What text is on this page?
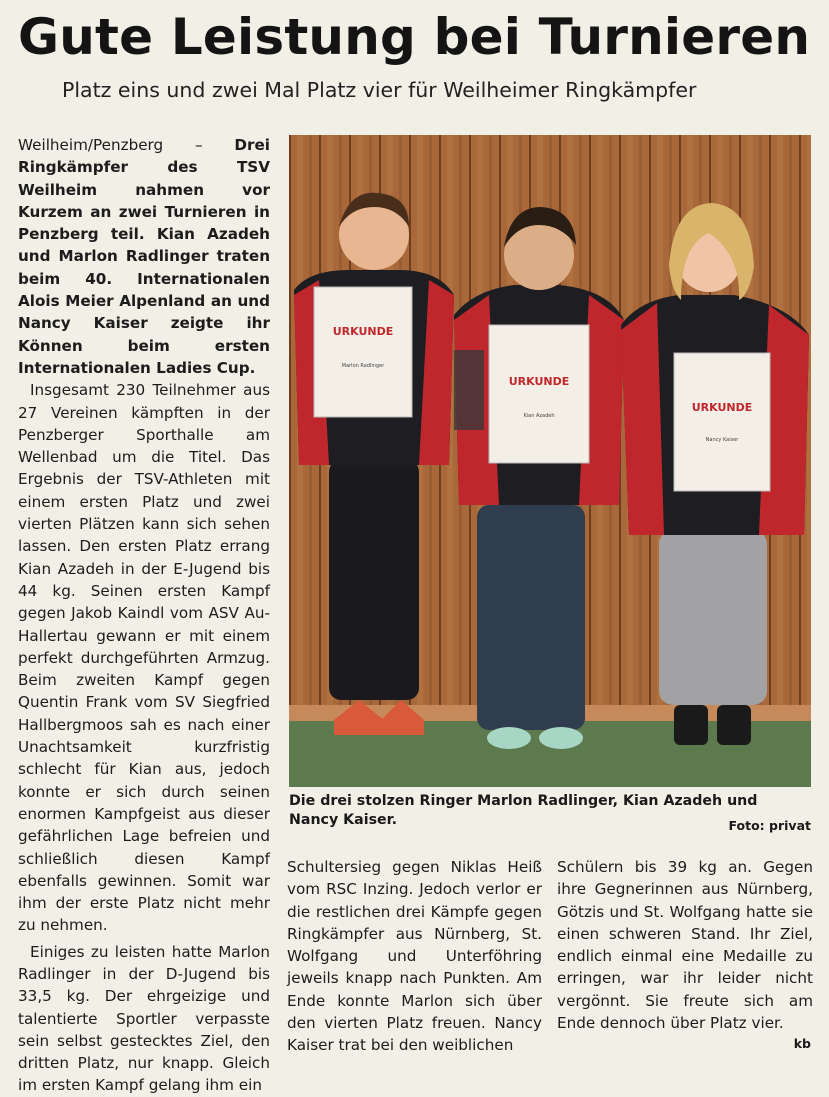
Gute Leistung bei Turnieren
Platz eins und zwei Mal Platz vier für Weilheimer Ringkämpfer

Weilheim/Penzberg – Drei Ringkämpfer des TSV Weilheim nahmen vor Kurzem an zwei Turnieren in Penzberg teil. Kian Azadeh und Marlon Radlinger traten beim 40. Internationalen Alois Meier Alpenland an und Nancy Kaiser zeigte ihr Können beim ersten Internationalen Ladies Cup.

Insgesamt 230 Teilnehmer aus 27 Vereinen kämpften in der Penzberger Sporthalle am Wellenbad um die Titel. Das Ergebnis der TSV-Athleten mit einem ersten Platz und zwei vierten Plätzen kann sich sehen lassen. Den ersten Platz errang Kian Azadeh in der E-Jugend bis 44 kg. Seinen ersten Kampf gegen Jakob Kaindl vom ASV Au-Hallertau gewann er mit einem perfekt durchgeführten Armzug. Beim zweiten Kampf gegen Quentin Frank vom SV Siegfried Hallbergmoos sah es nach einer Unachtsamkeit kurzfristig schlecht für Kian aus, jedoch konnte er sich durch seinen enormen Kampfgeist aus dieser gefährlichen Lage befreien und schließlich diesen Kampf ebenfalls gewinnen. Somit war ihm der erste Platz nicht mehr zu nehmen.

Einiges zu leisten hatte Marlon Radlinger in der D-Jugend bis 33,5 kg. Der ehrgeizige und talentierte Sportler verpasste sein selbst gestecktes Ziel, den dritten Platz, nur knapp. Gleich im ersten Kampf gelang ihm ein

URKUNDE
Marlon Radlinger
URKUNDE
Kian Azadeh
URKUNDE
Nancy Kaiser
Die drei stolzen Ringer Marlon Radlinger, Kian Azadeh und Nancy Kaiser.	Foto: privat

Schultersieg gegen Niklas Heiß vom RSC Inzing. Jedoch verlor er die restlichen drei Kämpfe gegen Ringkämpfer aus Nürnberg, St. Wolfgang und Unterföhring jeweils knapp nach Punkten. Am Ende konnte Marlon sich über den vierten Platz freuen. Nancy Kaiser trat bei den weiblichen

Schülern bis 39 kg an. Gegen ihre Gegnerinnen aus Nürnberg, Götzis und St. Wolfgang hatte sie einen schweren Stand. Ihr Ziel, endlich einmal eine Medaille zu erringen, war ihr leider nicht vergönnt. Sie freute sich am Ende dennoch über Platz vier.

kb
